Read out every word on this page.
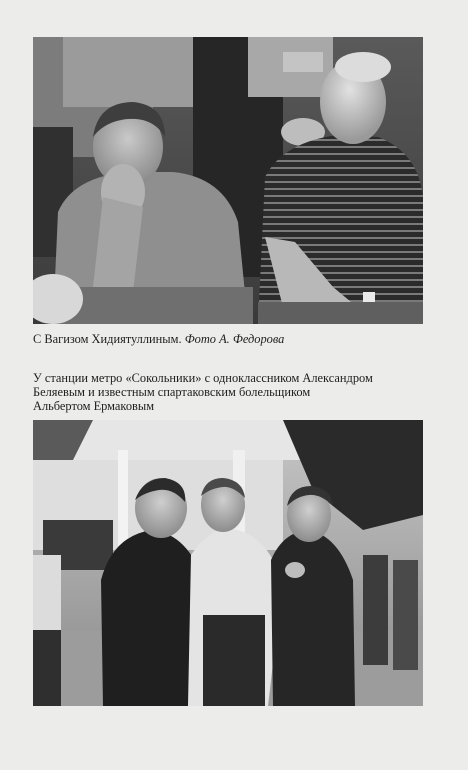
С Вагизом Хидиятуллиным. Фото А. Федорова

У станции метро «Сокольники» с одноклассником Александром
Беляевым и известным спартаковским болельщиком
Альбертом Ермаковым
